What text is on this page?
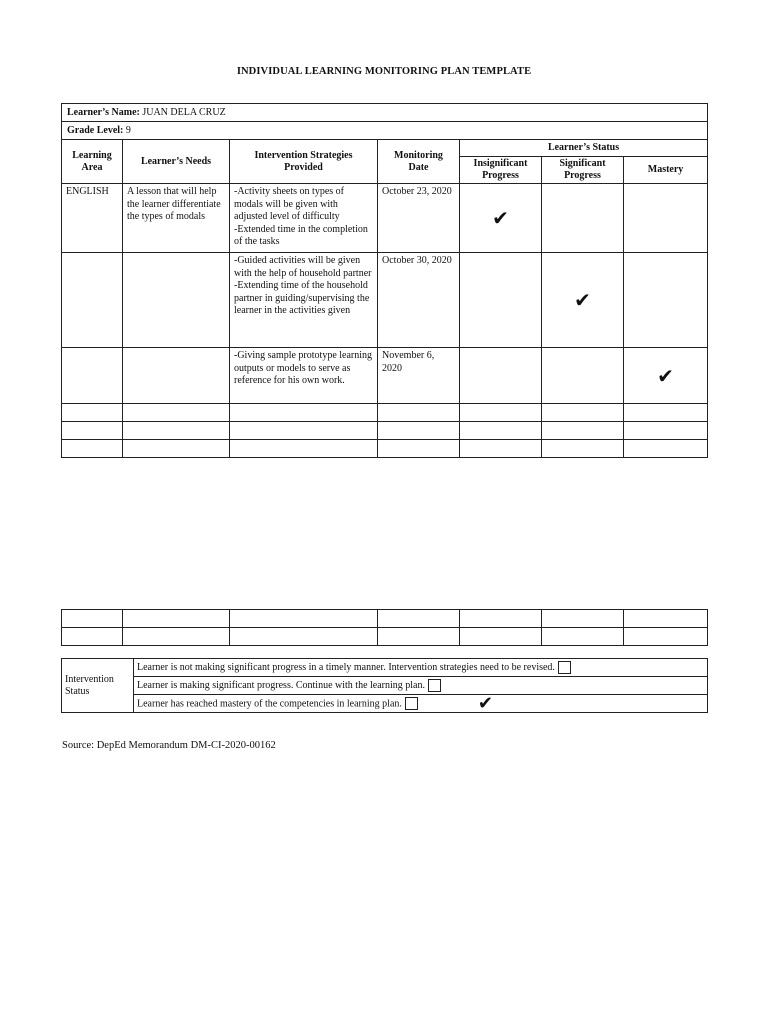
INDIVIDUAL LEARNING MONITORING PLAN TEMPLATE
Learner’s Name: JUAN DELA CRUZ						
Grade Level: 9						
Learning Area	Learner’s Needs	Intervention Strategies Provided	Monitoring Date	Learner’s Status		
				Insignificant Progress	Significant Progress	Mastery
ENGLISH	A lesson that will help the learner differentiate the types of modals	-Activity sheets on types of modals will be given with adjusted level of difficulty
-Extended time in the completion of the tasks	October 23, 2020	✔		
		-Guided activities will be given with the help of household partner
-Extending time of the household partner in guiding/supervising the learner in the activities given	October 30, 2020		✔	
		-Giving sample prototype learning outputs or models to serve as reference for his own work.	November 6, 2020			✔

Intervention Status	Learner is not making significant progress in a timely manner. Intervention strategies need to be revised.
Learner is making significant progress. Continue with the learning plan.
Learner has reached mastery of the competencies in learning plan.	✔
Source: DepEd Memorandum DM-CI-2020-00162
